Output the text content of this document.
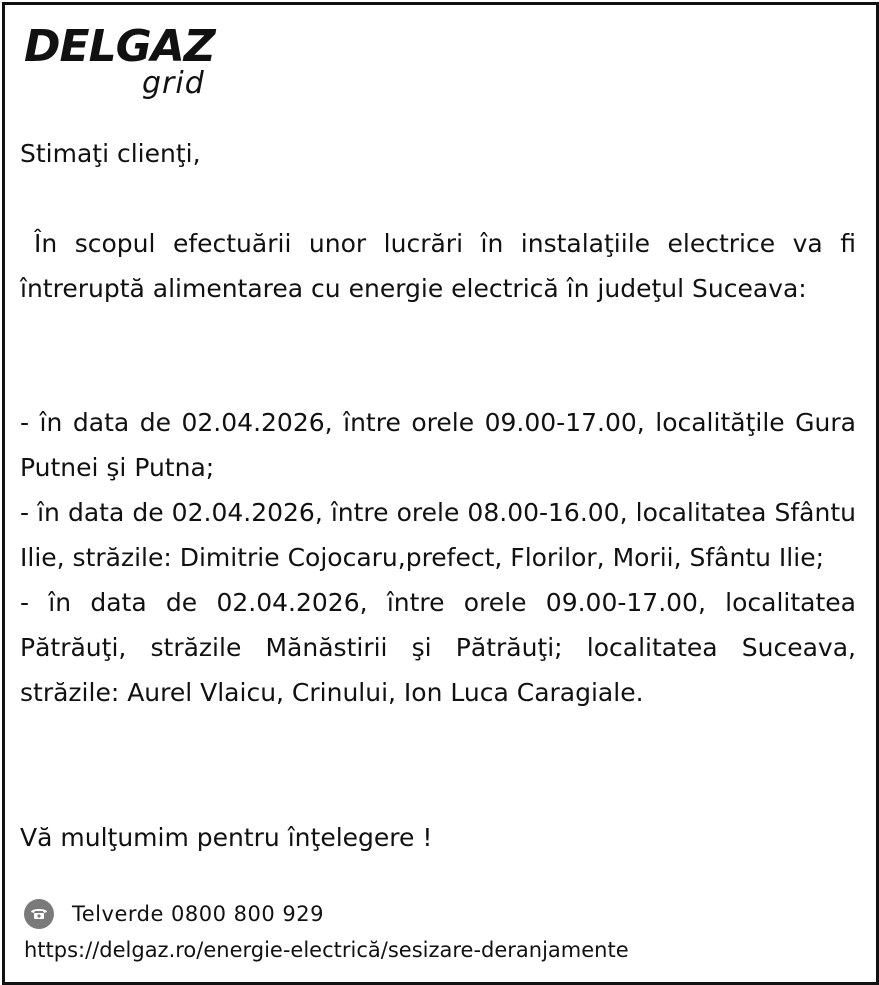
DELGAZ
grid

Stimaţi clienţi,

În scopul efectuării unor lucrări în instalaţiile electrice va fi întreruptă alimentarea cu energie electrică în judeţul Suceava:

- în data de 02.04.2026, între orele 09.00-17.00, localităţile Gura Putnei şi Putna;

- în data de 02.04.2026, între orele 08.00-16.00, localitatea Sfântu Ilie, străzile: Dimitrie Cojocaru,prefect, Florilor, Morii, Sfântu Ilie;

- în data de 02.04.2026, între orele 09.00-17.00, localitatea Pătrăuţi, străzile Mănăstirii şi Pătrăuţi; localitatea Suceava, străzile: Aurel Vlaicu, Crinului, Ion Luca Caragiale.

Vă mulţumim pentru înţelegere !

Telverde 0800 800 929
https://delgaz.ro/energie-electrică/sesizare-deranjamente
